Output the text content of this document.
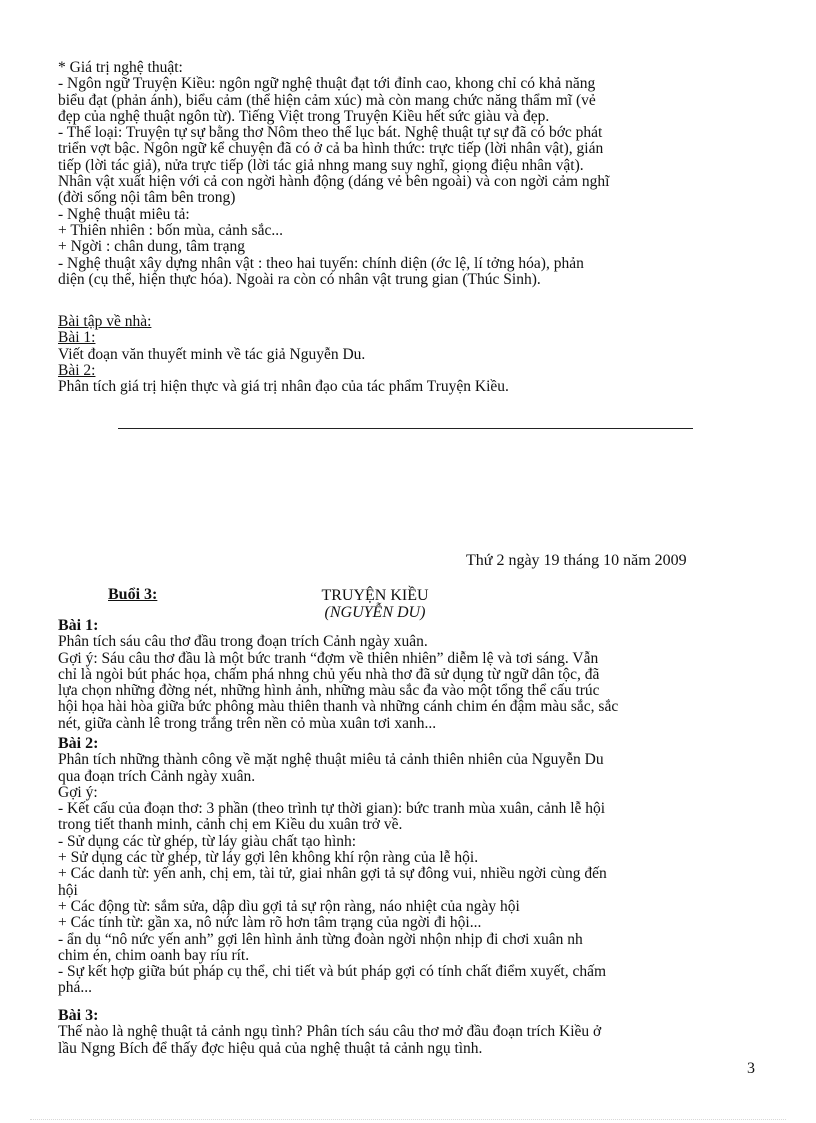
* Giá trị nghệ thuật:
- Ngôn ngữ Truyện Kiều: ngôn ngữ nghệ thuật đạt tới đỉnh cao, khong chỉ có khả năng
biểu đạt (phản ánh), biểu cảm (thể hiện cảm xúc) mà còn mang chức năng thẩm mĩ (vẻ
đẹp của nghệ thuật ngôn từ). Tiếng Việt trong Truyện Kiều hết sức giàu và đẹp.
- Thể loại: Truyện tự sự bằng thơ Nôm theo thể lục bát. Nghệ thuật tự sự đã có bớc phát
triển vợt bậc. Ngôn ngữ kể chuyện đã có ở cả ba hình thức: trực tiếp (lời nhân vật), gián
tiếp (lời tác giả), nửa trực tiếp (lời tác giả nhng mang suy nghĩ, giọng điệu nhân vật).
Nhân vật xuất hiện với cả con ngời hành động (dáng vẻ bên ngoài) và con ngời cảm nghĩ
(đời sống nội tâm bên trong)
- Nghệ thuật miêu tả:
+ Thiên nhiên : bốn mùa, cảnh sắc...
+ Ngời : chân dung, tâm trạng
- Nghệ thuật xây dựng nhân vật : theo hai tuyến: chính diện (ớc lệ, lí tởng hóa), phản
diện (cụ thể, hiện thực hóa). Ngoài ra còn có nhân vật trung gian (Thúc Sinh).
Bài tập về nhà:
Bài 1:
Viết đoạn văn thuyết minh về tác giả Nguyễn Du.
Bài 2:
Phân tích giá trị hiện thực và giá trị nhân đạo của tác phẩm Truyện Kiều.
Thứ 2 ngày 19 tháng 10 năm 2009
Buổi 3:	TRUYỆN KIỀU
(NGUYỄN DU)
Bài 1:
Phân tích sáu câu thơ đầu trong đoạn trích Cảnh ngày xuân.
Gợi ý: Sáu câu thơ đầu là một bức tranh “đợm về thiên nhiên” diễm lệ và tơi sáng. Vẫn
chỉ là ngòi bút phác họa, chấm phá nhng chủ yếu nhà thơ đã sử dụng từ ngữ dân tộc, đã
lựa chọn những đờng nét, những hình ảnh, những màu sắc đa vào một tổng thể cấu trúc
hội họa hài hòa giữa bức phông màu thiên thanh và những cánh chim én đậm màu sắc, sắc
nét, giữa cành lê trong trắng trên nền cỏ mùa xuân tơi xanh...
Bài 2:
Phân tích những thành công về mặt nghệ thuật miêu tả cảnh thiên nhiên của Nguyễn Du
qua đoạn trích Cảnh ngày xuân.
Gợi ý:
- Kết cấu của đoạn thơ: 3 phần (theo trình tự thời gian): bức tranh mùa xuân, cảnh lễ hội
trong tiết thanh minh, cảnh chị em Kiều du xuân trở về.
- Sử dụng các từ ghép, từ láy giàu chất tạo hình:
+ Sử dụng các từ ghép, từ láy gợi lên không khí rộn ràng của lễ hội.
+ Các danh từ: yến anh, chị em, tài tử, giai nhân gợi tả sự đông vui, nhiều ngời cùng đến
hội
+ Các động từ: sắm sửa, dập dìu gợi tả sự rộn ràng, náo nhiệt của ngày hội
+ Các tính từ: gần xa, nô nức làm rõ hơn tâm trạng của ngời đi hội...
- ẩn dụ “nô nức yến anh” gợi lên hình ảnh từng đoàn ngời nhộn nhịp đi chơi xuân nh
chim én, chim oanh bay ríu rít.
- Sự kết hợp giữa bút pháp cụ thể, chi tiết và bút pháp gợi có tính chất điểm xuyết, chấm
phá...
Bài 3:
Thế nào là nghệ thuật tả cảnh ngụ tình? Phân tích sáu câu thơ mở đầu đoạn trích Kiều ở
lầu Ngng Bích để thấy đợc hiệu quả của nghệ thuật tả cảnh ngụ tình.
3
